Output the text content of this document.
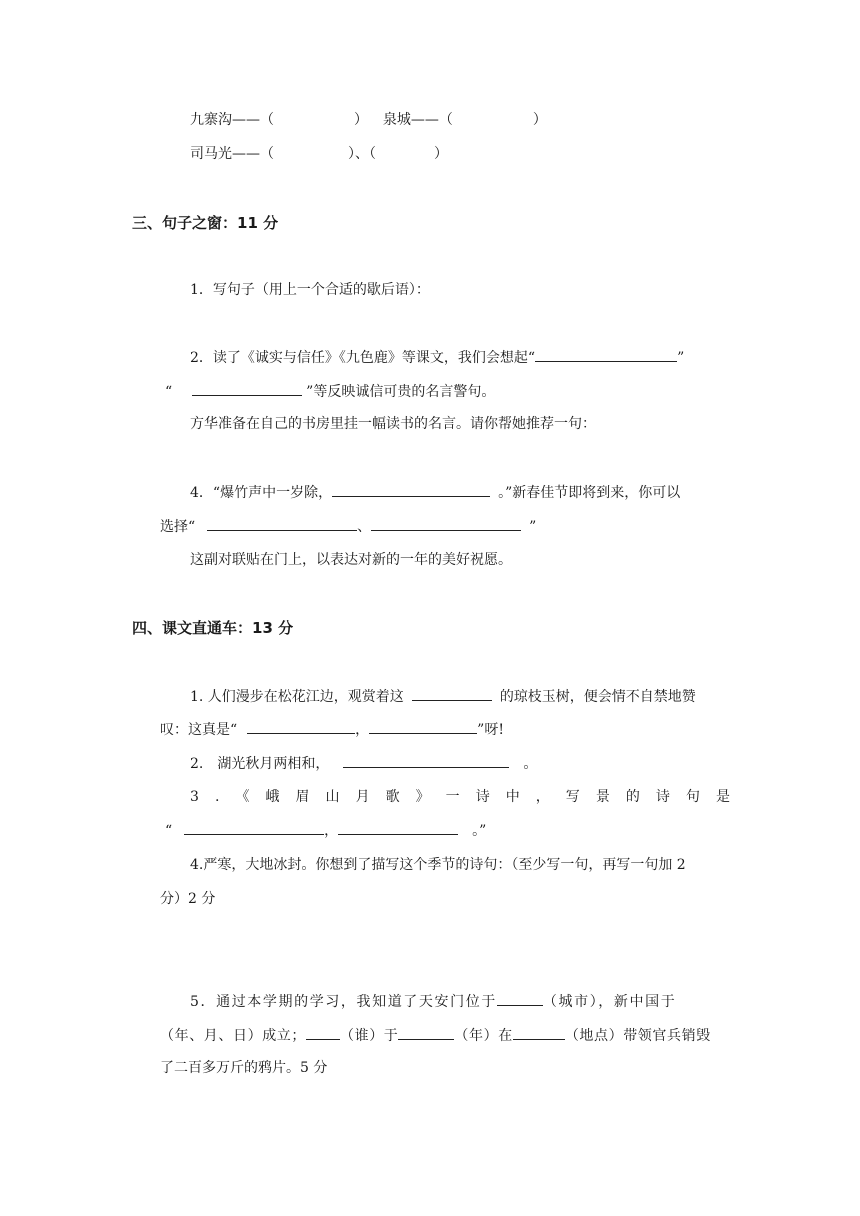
九寨沟——（	） 泉城——（	）
司马光——（	）、（	）
三、句子之窗：11 分
1．写句子（用上一个合适的歇后语）：
2．读了《诚实与信任》《九色鹿》等课文，我们会想起“	”
“	”等反映诚信可贵的名言警句。
方华准备在自己的书房里挂一幅读书的名言。请你帮她推荐一句：
4．“爆竹声中一岁除，	。”新春佳节即将到来，你可以
选择“	、	”
这副对联贴在门上，以表达对新的一年的美好祝愿。
四、课文直通车：13 分
1. 人们漫步在松花江边，观赏着这	的琼枝玉树，便会情不自禁地赞
叹：这真是“	，	”呀!
2.　湖光秋月两相和，	。
3 . 《 峨 眉 山 月 歌 》 一 诗 中 ， 写 景 的 诗 句 是
“	，	。”
4.严寒，大地冰封。你想到了描写这个季节的诗句：（至少写一句，再写一句加 2
分）2 分
5．通过本学期的学习，我知道了天安门位于	（城市），新中国于
（年、月、日）成立； （谁）于	（年）在	（地点）带领官兵销毁
了二百多万斤的鸦片。5 分
